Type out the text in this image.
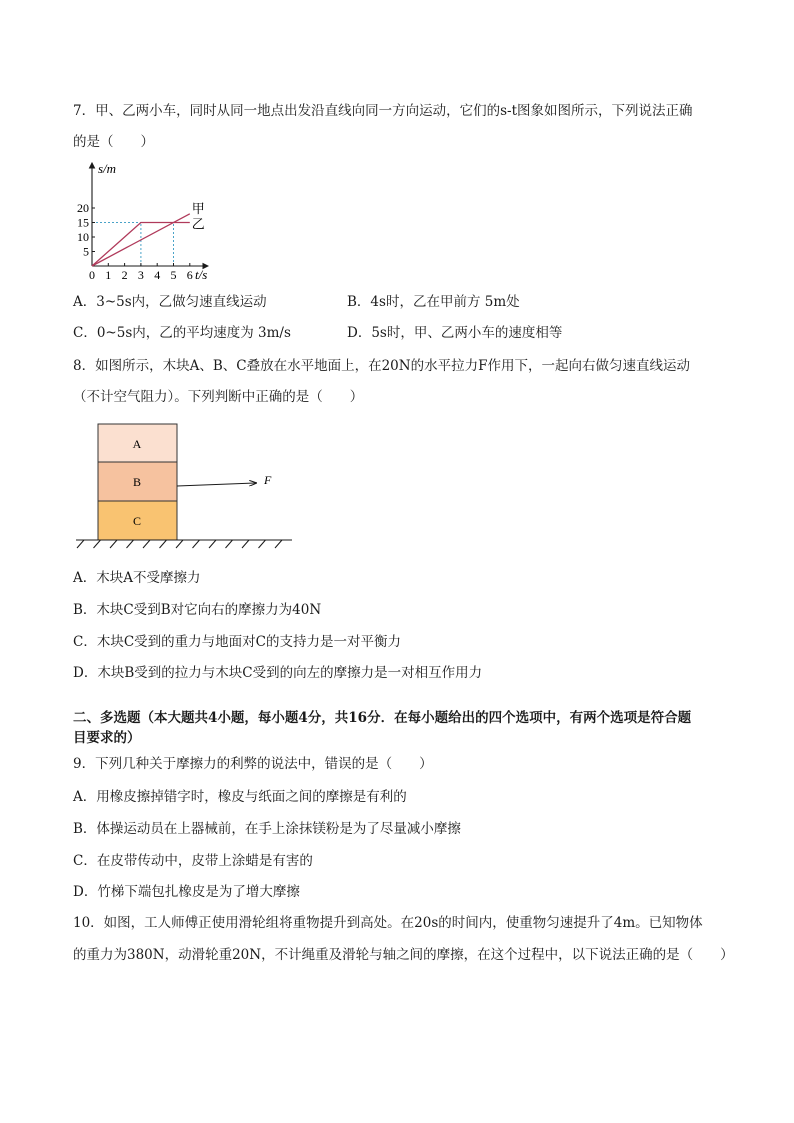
7．甲、乙两小车，同时从同一地点出发沿直线向同一方向运动，它们的s-t图象如图所示，下列说法正确
的是（　　）
0 1 2 3 4 5 6
5
10
15
20	甲
乙
s/m
t/s
A．3~5s内，乙做匀速直线运动	B．4s时，乙在甲前方 5m处
C．0~5s内，乙的平均速度为 3m/s	D．5s时，甲、乙两小车的速度相等
8．如图所示，木块A、B、C叠放在水平地面上，在20N的水平拉力F作用下，一起向右做匀速直线运动
（不计空气阻力）。下列判断中正确的是（　　）
A
B
C
F
A．木块A不受摩擦力
B．木块C受到B对它向右的摩擦力为40N
C．木块C受到的重力与地面对C的支持力是一对平衡力
D．木块B受到的拉力与木块C受到的向左的摩擦力是一对相互作用力
二、多选题（本大题共4小题，每小题4分，共16分．在每小题给出的四个选项中，有两个选项是符合题
目要求的）
9．下列几种关于摩擦力的利弊的说法中，错误的是（　　）
A．用橡皮擦掉错字时，橡皮与纸面之间的摩擦是有利的
B．体操运动员在上器械前，在手上涂抹镁粉是为了尽量减小摩擦
C．在皮带传动中，皮带上涂蜡是有害的
D．竹梯下端包扎橡皮是为了增大摩擦
10．如图，工人师傅正使用滑轮组将重物提升到高处。在20s的时间内，使重物匀速提升了4m。已知物体
的重力为380N，动滑轮重20N，不计绳重及滑轮与轴之间的摩擦，在这个过程中，以下说法正确的是（　　）
